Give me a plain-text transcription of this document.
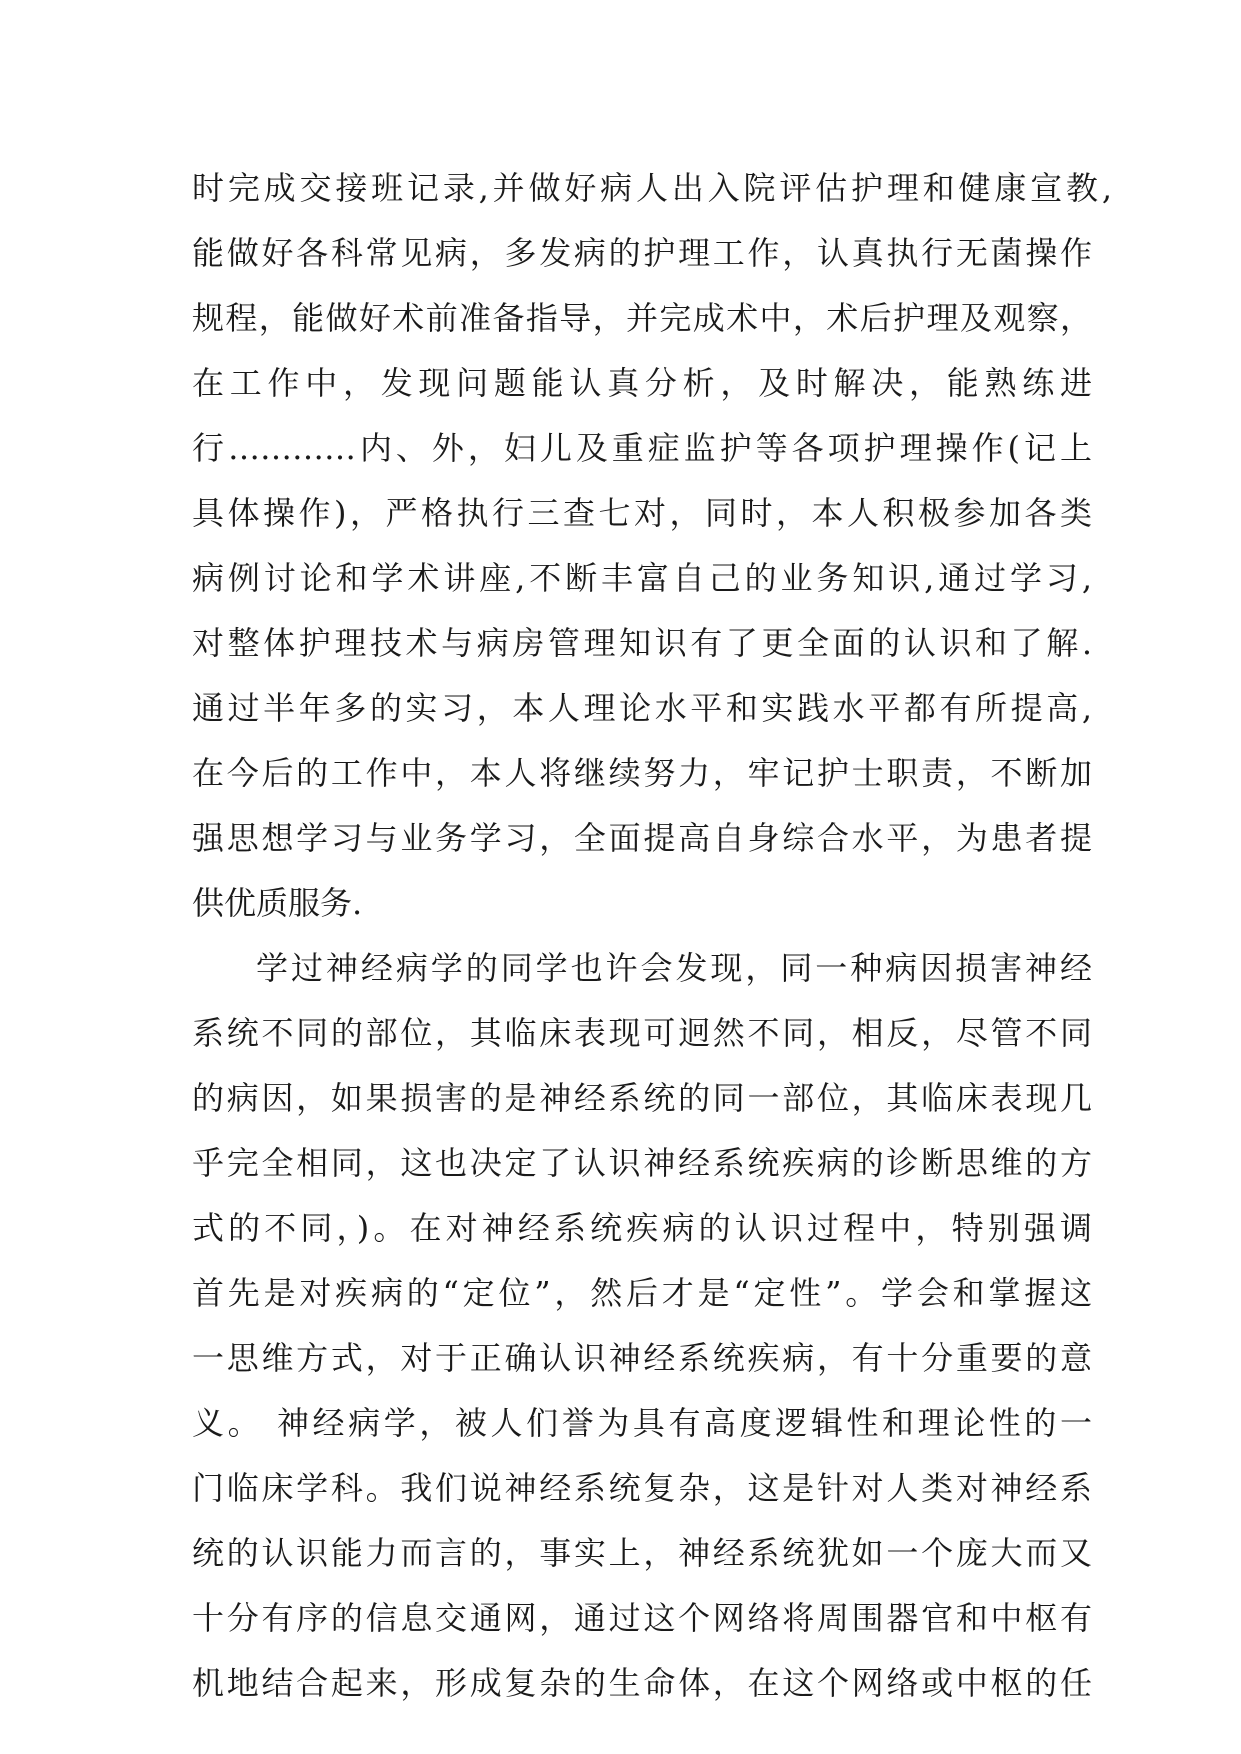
时完成交接班记录,并做好病人出入院评估护理和健康宣教,
能做好各科常见病，多发病的护理工作，认真执行无菌操作
规程，能做好术前准备指导，并完成术中，术后护理及观察，
在工作中，发现问题能认真分析，及时解决，能熟练进
行…………内、外，妇儿及重症监护等各项护理操作(记上
具体操作)，严格执行三查七对，同时，本人积极参加各类
病例讨论和学术讲座,不断丰富自己的业务知识,通过学习,
对整体护理技术与病房管理知识有了更全面的认识和了解.
通过半年多的实习，本人理论水平和实践水平都有所提高,
在今后的工作中，本人将继续努力，牢记护士职责，不断加
强思想学习与业务学习，全面提高自身综合水平，为患者提
供优质服务.
学过神经病学的同学也许会发现，同一种病因损害神经
系统不同的部位，其临床表现可迥然不同，相反，尽管不同
的病因，如果损害的是神经系统的同一部位，其临床表现几
乎完全相同，这也决定了认识神经系统疾病的诊断思维的方
式的不同，)。在对神经系统疾病的认识过程中，特别强调
首先是对疾病的“定位”，然后才是“定性”。学会和掌握这
一思维方式，对于正确认识神经系统疾病，有十分重要的意
义。 神经病学，被人们誉为具有高度逻辑性和理论性的一
门临床学科。我们说神经系统复杂，这是针对人类对神经系
统的认识能力而言的，事实上，神经系统犹如一个庞大而又
十分有序的信息交通网，通过这个网络将周围器官和中枢有
机地结合起来，形成复杂的生命体，在这个网络或中枢的任
